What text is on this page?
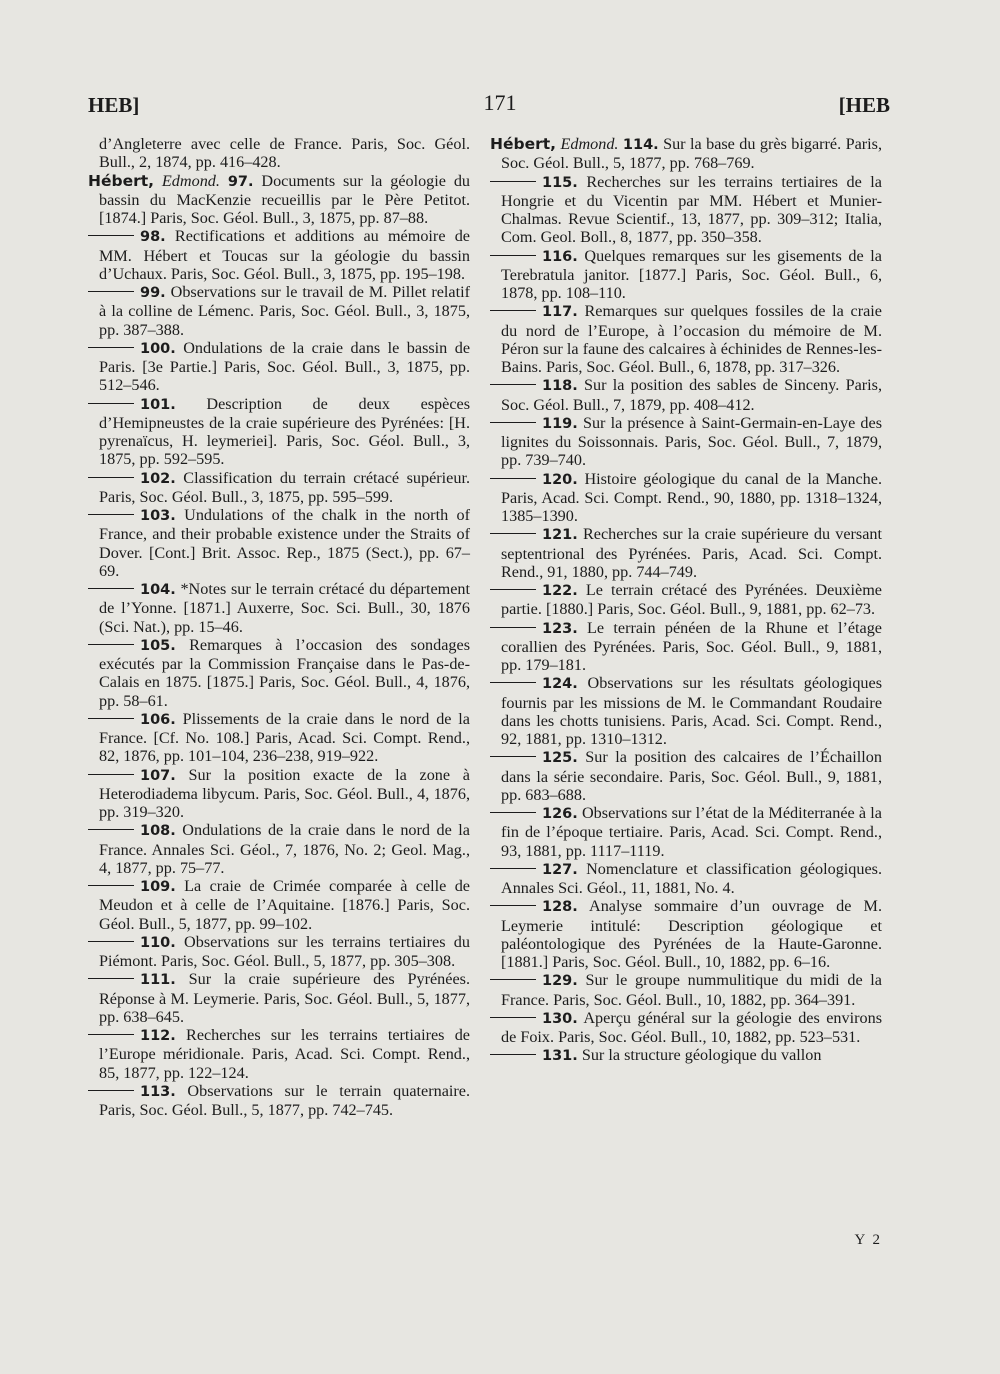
HEB]	171	[HEB

d’Angleterre avec celle de France. Paris, Soc. Géol. Bull., 2, 1874, pp. 416–428.

Hébert, Edmond. 97. Documents sur la géologie du bassin du MacKenzie recueillis par le Père Petitot. [1874.] Paris, Soc. Géol. Bull., 3, 1875, pp. 87–88.

98. Rectifications et additions au mémoire de MM. Hébert et Toucas sur la géologie du bassin d’Uchaux. Paris, Soc. Géol. Bull., 3, 1875, pp. 195–198.

99. Observations sur le travail de M. Pillet relatif à la colline de Lémenc. Paris, Soc. Géol. Bull., 3, 1875, pp. 387–388.

100. Ondulations de la craie dans le bassin de Paris. [3e Partie.] Paris, Soc. Géol. Bull., 3, 1875, pp. 512–546.

101. Description de deux espèces d’Hemipneustes de la craie supérieure des Pyrénées: [H. pyrenaïcus, H. leymeriei]. Paris, Soc. Géol. Bull., 3, 1875, pp. 592–595.

102. Classification du terrain crétacé supérieur. Paris, Soc. Géol. Bull., 3, 1875, pp. 595–599.

103. Undulations of the chalk in the north of France, and their probable existence under the Straits of Dover. [Cont.] Brit. Assoc. Rep., 1875 (Sect.), pp. 67–69.

104. *Notes sur le terrain crétacé du département de l’Yonne. [1871.] Auxerre, Soc. Sci. Bull., 30, 1876 (Sci. Nat.), pp. 15–46.

105. Remarques à l’occasion des sondages exécutés par la Commission Française dans le Pas-de-Calais en 1875. [1875.] Paris, Soc. Géol. Bull., 4, 1876, pp. 58–61.

106. Plissements de la craie dans le nord de la France. [Cf. No. 108.] Paris, Acad. Sci. Compt. Rend., 82, 1876, pp. 101–104, 236–238, 919–922.

107. Sur la position exacte de la zone à Heterodiadema libycum. Paris, Soc. Géol. Bull., 4, 1876, pp. 319–320.

108. Ondulations de la craie dans le nord de la France. Annales Sci. Géol., 7, 1876, No. 2; Geol. Mag., 4, 1877, pp. 75–77.

109. La craie de Crimée comparée à celle de Meudon et à celle de l’Aquitaine. [1876.] Paris, Soc. Géol. Bull., 5, 1877, pp. 99–102.

110. Observations sur les terrains tertiaires du Piémont. Paris, Soc. Géol. Bull., 5, 1877, pp. 305–308.

111. Sur la craie supérieure des Pyrénées. Réponse à M. Leymerie. Paris, Soc. Géol. Bull., 5, 1877, pp. 638–645.

112. Recherches sur les terrains tertiaires de l’Europe méridionale. Paris, Acad. Sci. Compt. Rend., 85, 1877, pp. 122–124.

113. Observations sur le terrain quaternaire. Paris, Soc. Géol. Bull., 5, 1877, pp. 742–745.

Hébert, Edmond. 114. Sur la base du grès bigarré. Paris, Soc. Géol. Bull., 5, 1877, pp. 768–769.

115. Recherches sur les terrains tertiaires de la Hongrie et du Vicentin par MM. Hébert et Munier-Chalmas. Revue Scientif., 13, 1877, pp. 309–312; Italia, Com. Geol. Boll., 8, 1877, pp. 350–358.

116. Quelques remarques sur les gisements de la Terebratula janitor. [1877.] Paris, Soc. Géol. Bull., 6, 1878, pp. 108–110.

117. Remarques sur quelques fossiles de la craie du nord de l’Europe, à l’occasion du mémoire de M. Péron sur la faune des calcaires à échinides de Rennes-les-Bains. Paris, Soc. Géol. Bull., 6, 1878, pp. 317–326.

118. Sur la position des sables de Sinceny. Paris, Soc. Géol. Bull., 7, 1879, pp. 408–412.

119. Sur la présence à Saint-Germain-en-Laye des lignites du Soissonnais. Paris, Soc. Géol. Bull., 7, 1879, pp. 739–740.

120. Histoire géologique du canal de la Manche. Paris, Acad. Sci. Compt. Rend., 90, 1880, pp. 1318–1324, 1385–1390.

121. Recherches sur la craie supérieure du versant septentrional des Pyrénées. Paris, Acad. Sci. Compt. Rend., 91, 1880, pp. 744–749.

122. Le terrain crétacé des Pyrénées. Deuxième partie. [1880.] Paris, Soc. Géol. Bull., 9, 1881, pp. 62–73.

123. Le terrain pénéen de la Rhune et l’étage corallien des Pyrénées. Paris, Soc. Géol. Bull., 9, 1881, pp. 179–181.

124. Observations sur les résultats géologiques fournis par les missions de M. le Commandant Roudaire dans les chotts tunisiens. Paris, Acad. Sci. Compt. Rend., 92, 1881, pp. 1310–1312.

125. Sur la position des calcaires de l’Échaillon dans la série secondaire. Paris, Soc. Géol. Bull., 9, 1881, pp. 683–688.

126. Observations sur l’état de la Méditerranée à la fin de l’époque tertiaire. Paris, Acad. Sci. Compt. Rend., 93, 1881, pp. 1117–1119.

127. Nomenclature et classification géologiques. Annales Sci. Géol., 11, 1881, No. 4.

128. Analyse sommaire d’un ouvrage de M. Leymerie intitulé: Description géologique et paléontologique des Pyrénées de la Haute-Garonne. [1881.] Paris, Soc. Géol. Bull., 10, 1882, pp. 6–16.

129. Sur le groupe nummulitique du midi de la France. Paris, Soc. Géol. Bull., 10, 1882, pp. 364–391.

130. Aperçu général sur la géologie des environs de Foix. Paris, Soc. Géol. Bull., 10, 1882, pp. 523–531.

131. Sur la structure géologique du vallon

Y 2
